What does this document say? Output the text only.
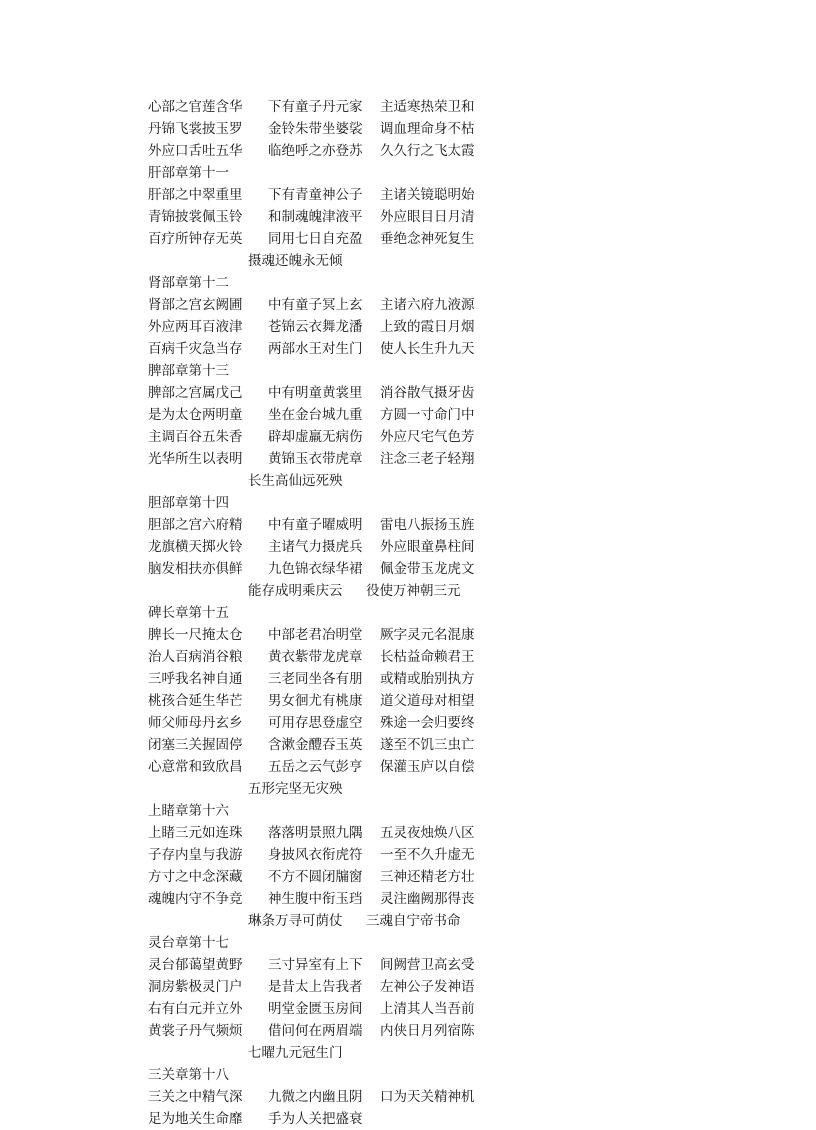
心部之官莲含华 下有童子丹元家 主适寒热荣卫和
丹锦飞裳披玉罗 金铃朱带坐婆裟 调血理命身不枯
外应口舌吐五华 临绝呼之亦登苏 久久行之飞太霞
肝部章第十一
肝部之中翠重里 下有青童神公子 主诸关镜聪明始
青锦披裳佩玉铃 和制魂魄津液平 外应眼目日月清
百疗所钟存无英 同用七日自充盈 垂绝念神死复生
摄魂还魄永无倾
肾部章第十二
肾部之宫玄阙圃 中有童子冥上玄 主诸六府九液源
外应两耳百液津 苍锦云衣舞龙潘 上致的霞日月烟
百病千灾急当存 两部水王对生门 使人长生升九天
脾部章第十三
脾部之宫属戊己 中有明童黄裳里 消谷散气摄牙齿
是为太仓两明童 坐在金台城九重 方圆一寸命门中
主调百谷五朱香 辟却虚羸无病伤 外应尺宅气色芳
光华所生以表明 黄锦玉衣带虎章 注念三老子轻翔
长生高仙远死殃
胆部章第十四
胆部之宫六府精 中有童子曜威明 雷电八振扬玉旌
龙旗横天掷火铃 主诸气力摄虎兵 外应眼童鼻柱间
脑发相扶亦俱鲜 九色锦衣绿华裙 佩金带玉龙虎文
能存成明乘庆云 役使万神朝三元
碑长章第十五
脾长一尺掩太仓 中部老君冶明堂 厥字灵元名混康
治人百病消谷粮 黄衣紫带龙虎章 长枯益命赖君王
三呼我名神自通 三老同坐各有朋 或精或胎别执方
桃孩合延生华芒 男女徊尤有桃康 道父道母对相望
师父师母丹玄乡 可用存思登虚空 殊途一会归要终
闭塞三关握固停 含漱金醴吞玉英 遂至不饥三虫亡
心意常和致欣昌 五岳之云气彭亨 保灌玉庐以自偿
五形完坚无灾殃
上睹章第十六
上睹三元如连珠 落落明景照九隅 五灵夜烛焕八区
子存内皇与我游 身披风衣衔虎符 一至不久升虚无
方寸之中念深藏 不方不圆闭牖窗 三神还精老方壮
魂魄内守不争竞 神生腹中衔玉珰 灵注幽阙那得丧
琳条万寻可荫仗 三魂自宁帝书命
灵台章第十七
灵台郁蔼望黄野 三寸异室有上下 间阙营卫高玄受
洞房紫极灵门户 是昔太上告我者 左神公子发神语
右有白元并立外 明堂金匮玉房间 上清其人当吾前
黄裳子丹气频烦 借问何在两眉端 内侠日月列宿陈
七曜九元冠生门
三关章第十八
三关之中精气深 九微之内幽且阴 口为天关精神机
足为地关生命靡 手为人关把盛衰
